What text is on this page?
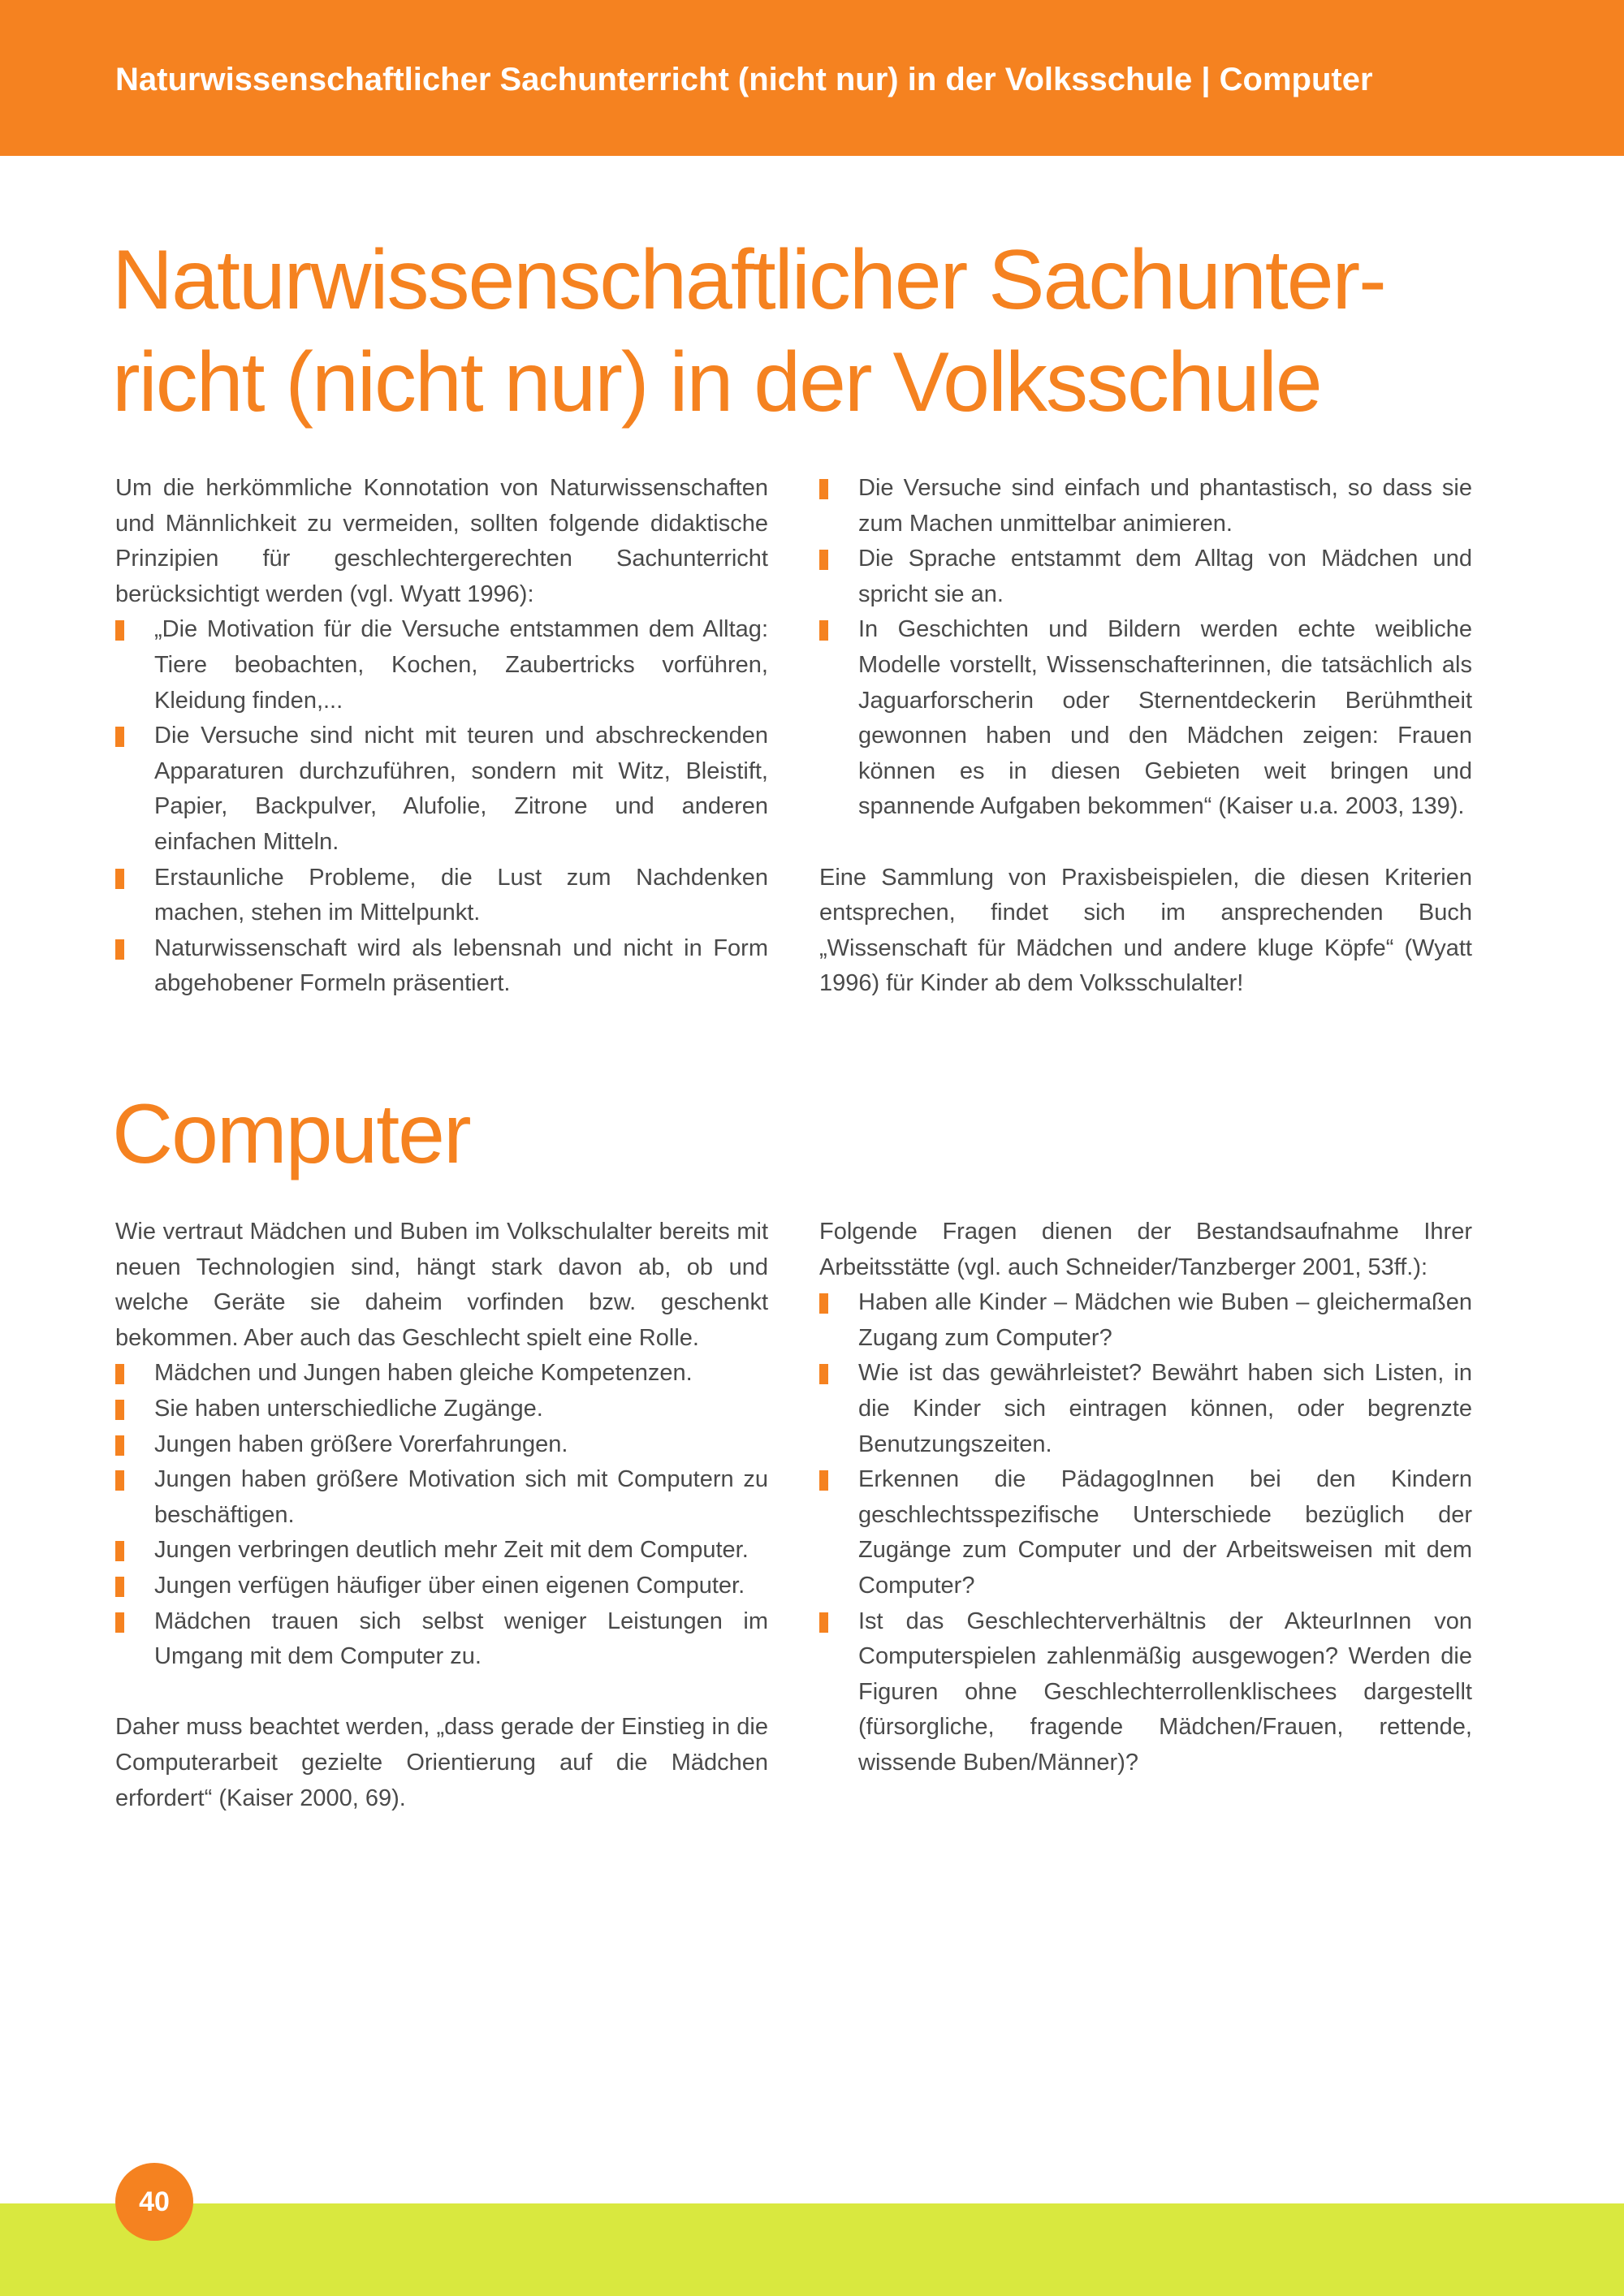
Naturwissenschaftlicher Sachunterricht (nicht nur) in der Volksschule | Computer
Naturwissenschaftlicher Sachunter-
richt (nicht nur) in der Volksschule

Um die herkömmliche Konnotation von Naturwissenschaften und Männlichkeit zu vermeiden, sollten folgende didaktische Prinzipien für geschlechtergerechten Sachunterricht berücksichtigt werden (vgl. Wyatt 1996):

„Die Motivation für die Versuche entstammen dem Alltag: Tiere beobachten, Kochen, Zaubertricks vorführen, Kleidung finden,...
Die Versuche sind nicht mit teuren und abschreckenden Apparaturen durchzuführen, sondern mit Witz, Bleistift, Papier, Backpulver, Alufolie, Zitrone und anderen einfachen Mitteln.
Erstaunliche Probleme, die Lust zum Nachdenken machen, stehen im Mittelpunkt.
Naturwissenschaft wird als lebensnah und nicht in Form abgehobener Formeln präsentiert.
Die Versuche sind einfach und phantastisch, so dass sie zum Machen unmittelbar animieren.
Die Sprache entstammt dem Alltag von Mädchen und spricht sie an.
In Geschichten und Bildern werden echte weibliche Modelle vorstellt, Wissenschafterinnen, die tatsächlich als Jaguarforscherin oder Sternentdeckerin Berühmtheit gewonnen haben und den Mädchen zeigen: Frauen können es in diesen Gebieten weit bringen und spannende Aufgaben bekommen“ (Kaiser u.a. 2003, 139).

Eine Sammlung von Praxisbeispielen, die diesen Kriterien entsprechen, findet sich im ansprechenden Buch „Wissenschaft für Mädchen und andere kluge Köpfe“ (Wyatt 1996) für Kinder ab dem Volksschulalter!

Computer

Wie vertraut Mädchen und Buben im Volkschulalter bereits mit neuen Technologien sind, hängt stark davon ab, ob und welche Geräte sie daheim vorfinden bzw. geschenkt bekommen. Aber auch das Geschlecht spielt eine Rolle.

Mädchen und Jungen haben gleiche Kompetenzen.
Sie haben unterschiedliche Zugänge.
Jungen haben größere Vorerfahrungen.
Jungen haben größere Motivation sich mit Computern zu beschäftigen.
Jungen verbringen deutlich mehr Zeit mit dem Computer.
Jungen verfügen häufiger über einen eigenen Computer.
Mädchen trauen sich selbst weniger Leistungen im Umgang mit dem Computer zu.

Daher muss beachtet werden, „dass gerade der Einstieg in die Computerarbeit gezielte Orientierung auf die Mädchen erfordert“ (Kaiser 2000, 69).

Folgende Fragen dienen der Bestandsaufnahme Ihrer Arbeitsstätte (vgl. auch Schneider/Tanzberger 2001, 53ff.):

Haben alle Kinder – Mädchen wie Buben – gleichermaßen Zugang zum Computer?
Wie ist das gewährleistet? Bewährt haben sich Listen, in die Kinder sich eintragen können, oder begrenzte Benutzungszeiten.
Erkennen die PädagogInnen bei den Kindern geschlechtsspezifische Unterschiede bezüglich der Zugänge zum Computer und der Arbeitsweisen mit dem Computer?
Ist das Geschlechterverhältnis der AkteurInnen von Computerspielen zahlenmäßig ausgewogen? Werden die Figuren ohne Geschlechterrollenklischees dargestellt (fürsorgliche, fragende Mädchen/Frauen, rettende, wissende Buben/Männer)?
40
